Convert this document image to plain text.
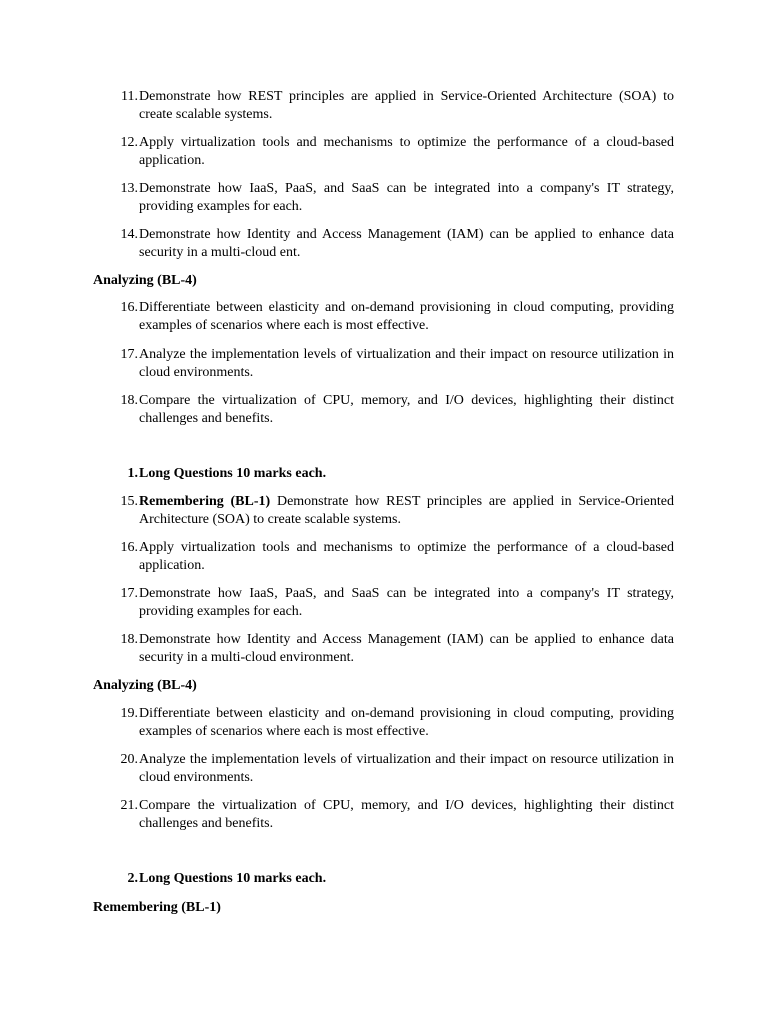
11. Demonstrate how REST principles are applied in Service-Oriented Architecture (SOA) to create scalable systems.
12. Apply virtualization tools and mechanisms to optimize the performance of a cloud-based application.
13. Demonstrate how IaaS, PaaS, and SaaS can be integrated into a company's IT strategy, providing examples for each.
14. Demonstrate how Identity and Access Management (IAM) can be applied to enhance data security in a multi-cloud ent.
Analyzing (BL-4)
16. Differentiate between elasticity and on-demand provisioning in cloud computing, providing examples of scenarios where each is most effective.
17. Analyze the implementation levels of virtualization and their impact on resource utilization in cloud environments.
18. Compare the virtualization of CPU, memory, and I/O devices, highlighting their distinct challenges and benefits.
1. Long Questions 10 marks each.
15. Remembering (BL-1) Demonstrate how REST principles are applied in Service-Oriented Architecture (SOA) to create scalable systems.
16. Apply virtualization tools and mechanisms to optimize the performance of a cloud-based application.
17. Demonstrate how IaaS, PaaS, and SaaS can be integrated into a company's IT strategy, providing examples for each.
18. Demonstrate how Identity and Access Management (IAM) can be applied to enhance data security in a multi-cloud environment.
Analyzing (BL-4)
19. Differentiate between elasticity and on-demand provisioning in cloud computing, providing examples of scenarios where each is most effective.
20. Analyze the implementation levels of virtualization and their impact on resource utilization in cloud environments.
21. Compare the virtualization of CPU, memory, and I/O devices, highlighting their distinct challenges and benefits.
2. Long Questions 10 marks each.
Remembering (BL-1)
